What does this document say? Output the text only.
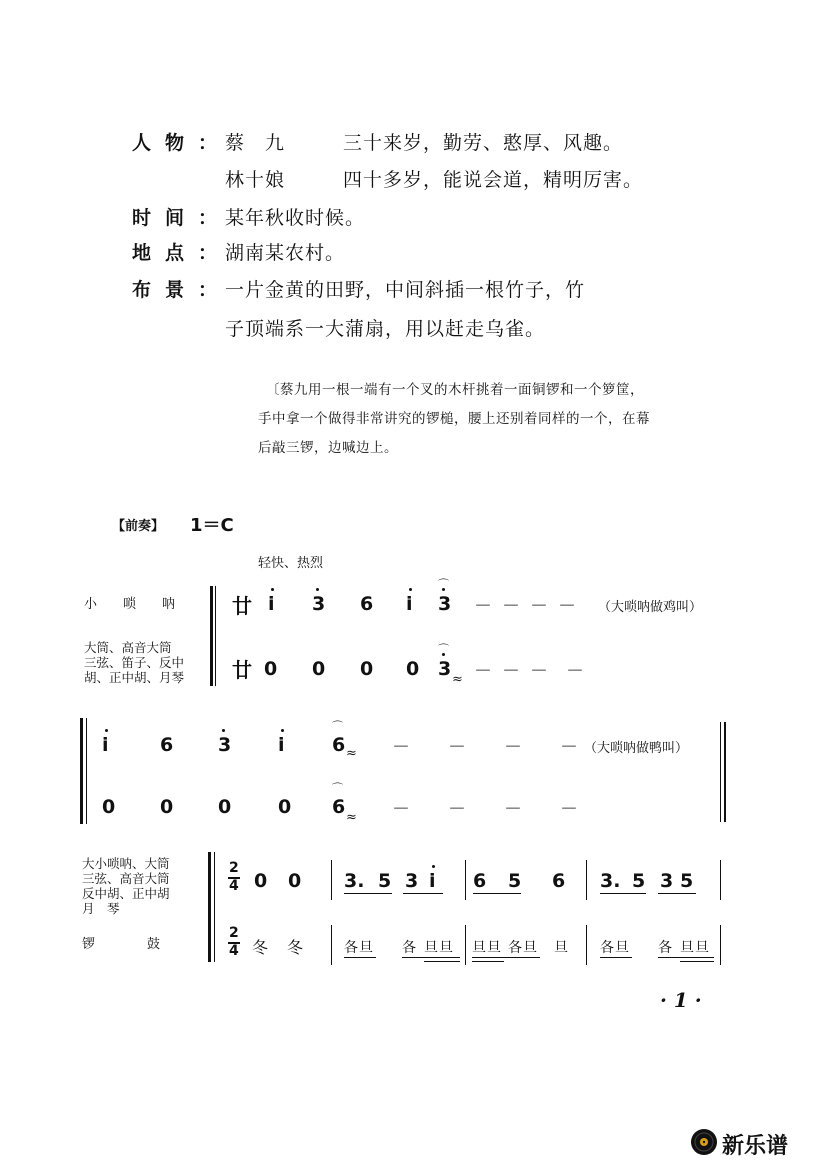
人物：
蔡　九	三十来岁，勤劳、憨厚、风趣。
林十娘	四十多岁，能说会道，精明厉害。
时间：
某年秋收时候。
地点：
湖南某农村。
布景：
一片金黄的田野，中间斜插一根竹子，竹
子顶端系一大蒲扇，用以赶走乌雀。
〔蔡九用一根一端有一个叉的木杆挑着一面铜锣和一个箩筐，
手中拿一个做得非常讲究的锣槌，腰上还别着同样的一个，在幕
后敲三锣，边喊边上。
【前奏】 1＝C
轻快、热烈
小　　唢　　呐
大筒、高音大筒
三弦、笛子、反中
胡、正中胡、月琴
廿
廿
i 3 6 i 3
⌒
－ － － － （大唢呐做鸡叫）
0 0 0 0 3
⌒
≈ － － － －
i	6 3 i 6
⌒
≈ － － － － （大唢呐做鸭叫）
0 0 0 0 6
⌒
≈ － － － －
大小唢呐、大筒
三弦、高音大筒
反中胡、正中胡
月　琴
锣　　　　鼓
2
4
2
4
0 0 3. 5 3 i 6 5 6 3. 5 3 5
冬 冬	各旦 各 旦旦 旦旦 各旦 旦 各旦 各 旦旦
· 1 ·
新乐谱
